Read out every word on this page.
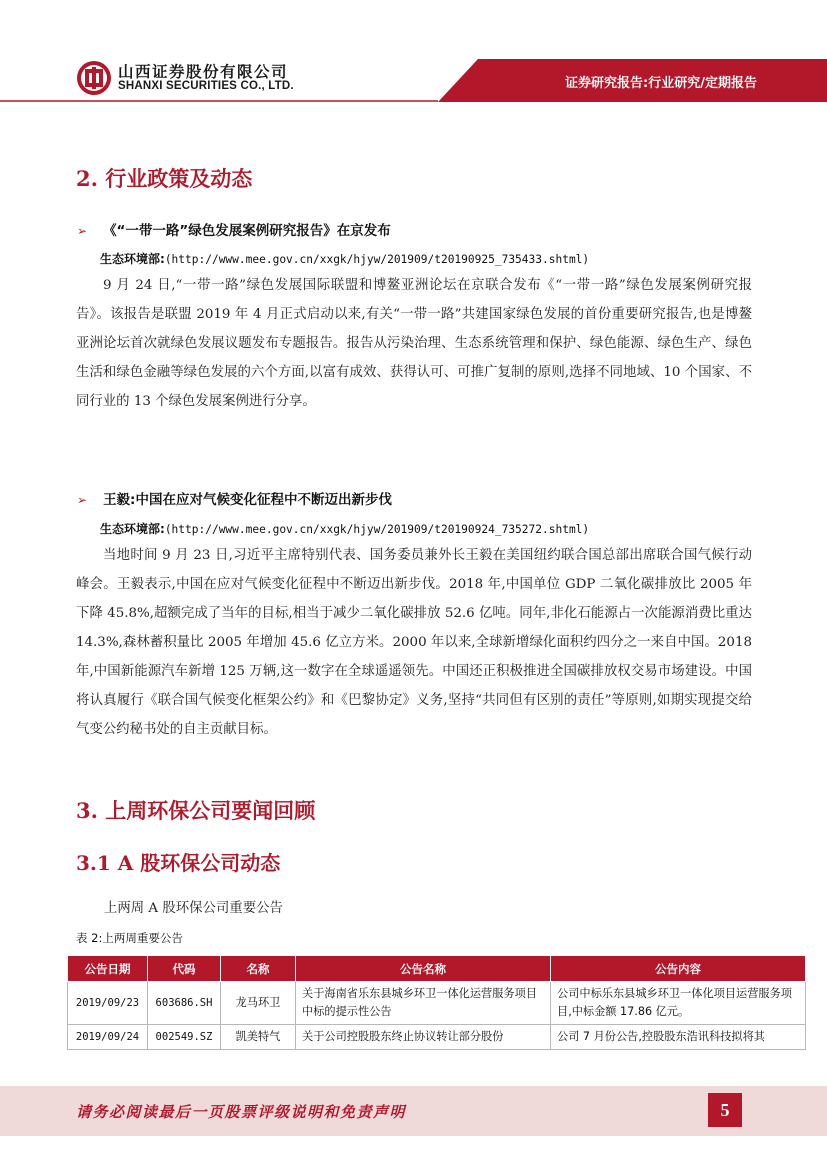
山西证券股份有限公司
SHANXI SECURITIES CO., LTD.	证券研究报告:行业研究/定期报告
2. 行业政策及动态
➢ 《“一带一路”绿色发展案例研究报告》在京发布
生态环境部:(http://www.mee.gov.cn/xxgk/hjyw/201909/t20190925_735433.shtml)
9 月 24 日,“一带一路”绿色发展国际联盟和博鳌亚洲论坛在京联合发布《“一带一路”绿色发展案例研究报告》。该报告是联盟 2019 年 4 月正式启动以来,有关“一带一路”共建国家绿色发展的首份重要研究报告,也是博鳌亚洲论坛首次就绿色发展议题发布专题报告。报告从污染治理、生态系统管理和保护、绿色能源、绿色生产、绿色生活和绿色金融等绿色发展的六个方面,以富有成效、获得认可、可推广复制的原则,选择不同地域、10 个国家、不同行业的 13 个绿色发展案例进行分享。
➢ 王毅:中国在应对气候变化征程中不断迈出新步伐
生态环境部:(http://www.mee.gov.cn/xxgk/hjyw/201909/t20190924_735272.shtml)
当地时间 9 月 23 日,习近平主席特别代表、国务委员兼外长王毅在美国纽约联合国总部出席联合国气候行动峰会。王毅表示,中国在应对气候变化征程中不断迈出新步伐。2018 年,中国单位 GDP 二氧化碳排放比 2005 年下降 45.8%,超额完成了当年的目标,相当于减少二氧化碳排放 52.6 亿吨。同年,非化石能源占一次能源消费比重达 14.3%,森林蓄积量比 2005 年增加 45.6 亿立方米。2000 年以来,全球新增绿化面积约四分之一来自中国。2018 年,中国新能源汽车新增 125 万辆,这一数字在全球遥遥领先。中国还正积极推进全国碳排放权交易市场建设。中国将认真履行《联合国气候变化框架公约》和《巴黎协定》义务,坚持“共同但有区别的责任”等原则,如期实现提交给气变公约秘书处的自主贡献目标。
3. 上周环保公司要闻回顾
3.1 A 股环保公司动态
上两周 A 股环保公司重要公告
表 2:上两周重要公告
公告日期	代码	名称	公告名称	公告内容
2019/09/23	603686.SH	龙马环卫	关于海南省乐东县城乡环卫一体化运营服务项目中标的提示性公告	公司中标乐东县城乡环卫一体化项目运营服务项目,中标金额 17.86 亿元。
2019/09/24	002549.SZ	凯美特气	关于公司控股股东终止协议转让部分股份	公司 7 月份公告,控股股东浩讯科技拟将其
请务必阅读最后一页股票评级说明和免责声明	5
